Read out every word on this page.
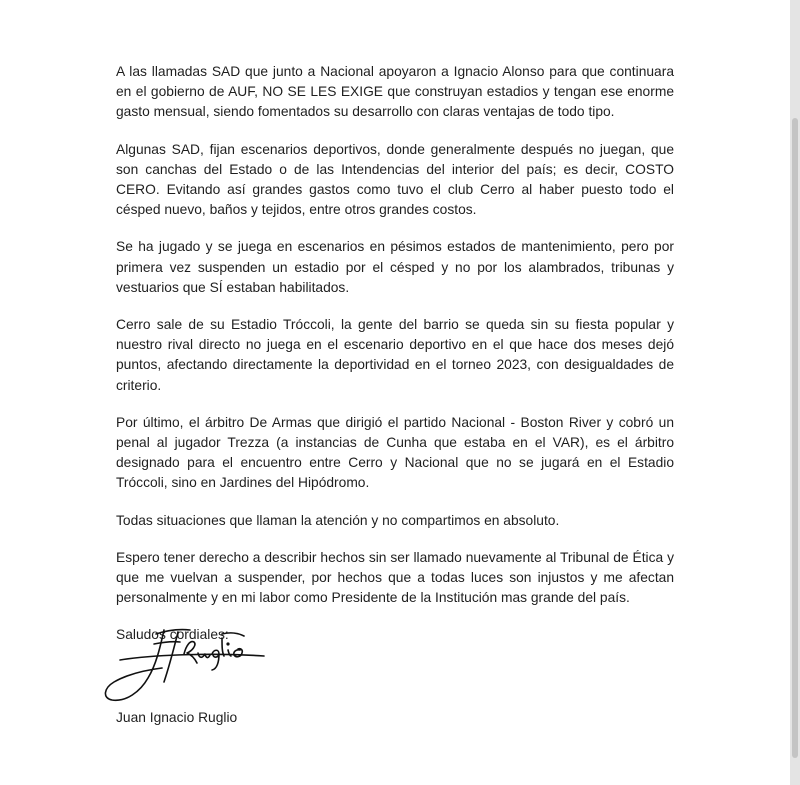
A las llamadas SAD que junto a Nacional apoyaron a Ignacio Alonso para que continuara en el gobierno de AUF, NO SE LES EXIGE que construyan estadios y tengan ese enorme gasto mensual, siendo fomentados su desarrollo con claras ventajas de todo tipo.

Algunas SAD, fijan escenarios deportivos, donde generalmente después no juegan, que son canchas del Estado o de las Intendencias del interior del país; es decir, COSTO CERO. Evitando así grandes gastos como tuvo el club Cerro al haber puesto todo el césped nuevo, baños y tejidos, entre otros grandes costos.

Se ha jugado y se juega en escenarios en pésimos estados de mantenimiento, pero por primera vez suspenden un estadio por el césped y no por los alambrados, tribunas y vestuarios que SÍ estaban habilitados.

Cerro sale de su Estadio Tróccoli, la gente del barrio se queda sin su fiesta popular y nuestro rival directo no juega en el escenario deportivo en el que hace dos meses dejó puntos, afectando directamente la deportividad en el torneo 2023, con desigualdades de criterio.

Por último, el árbitro De Armas que dirigió el partido Nacional - Boston River y cobró un penal al jugador Trezza (a instancias de Cunha que estaba en el VAR), es el árbitro designado para el encuentro entre Cerro y Nacional que no se jugará en el Estadio Tróccoli, sino en Jardines del Hipódromo.

Todas situaciones que llaman la atención y no compartimos en absoluto.

Espero tener derecho a describir hechos sin ser llamado nuevamente al Tribunal de Ética y que me vuelvan a suspender, por hechos que a todas luces son injustos y me afectan personalmente y en mi labor como Presidente de la Institución mas grande del país.

Saludos cordiales:

Juan Ignacio Ruglio
